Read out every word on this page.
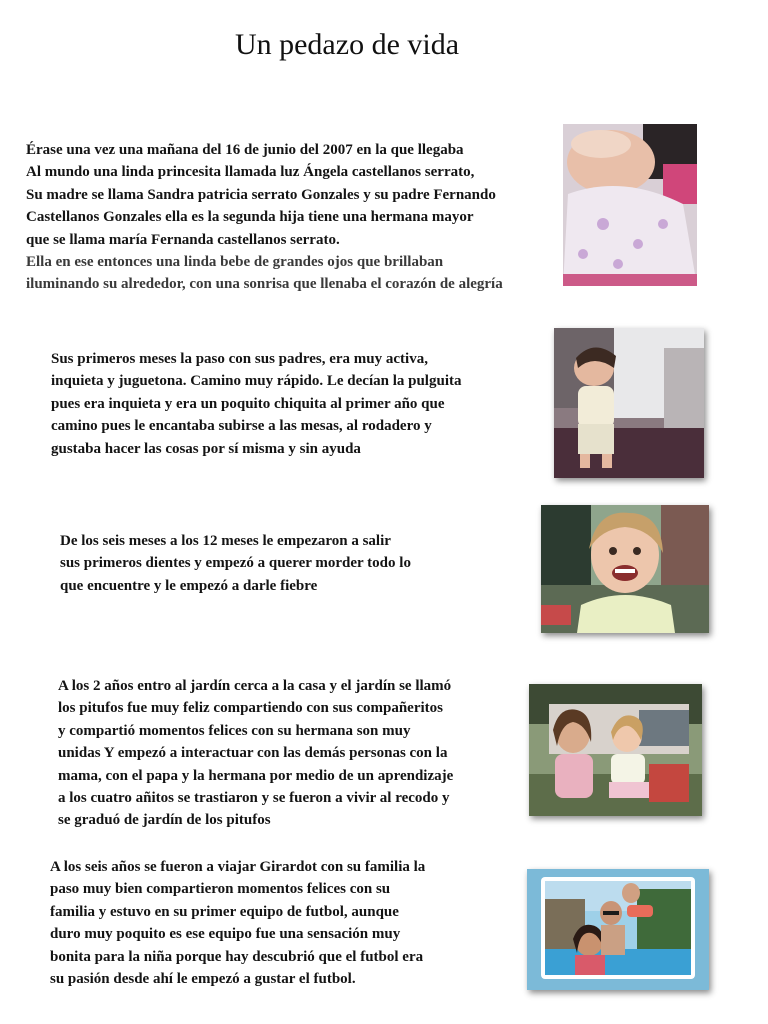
Un pedazo de vida

Érase una vez una mañana del 16 de junio del 2007 en la que llegaba
Al mundo una linda princesita llamada luz Ángela castellanos serrato,
Su madre se llama Sandra patricia serrato Gonzales y su padre Fernando
Castellanos Gonzales ella es la segunda hija tiene una hermana mayor
que se llama maría Fernanda castellanos serrato.
Ella en ese entonces una linda bebe de grandes ojos que brillaban
iluminando su alrededor, con una sonrisa que llenaba el corazón de alegría

Sus primeros meses la paso con sus padres, era muy activa,
inquieta y juguetona. Camino muy rápido. Le decían la pulguita
pues era inquieta y era un poquito chiquita al primer año que
camino pues le encantaba subirse a las mesas, al rodadero y
gustaba hacer las cosas por sí misma y sin ayuda

De los seis meses a los 12 meses le empezaron a salir
sus primeros dientes y empezó a querer morder todo lo
que encuentre y le empezó a darle fiebre

A los 2 años entro al jardín cerca a la casa y el jardín se llamó
los pitufos fue muy feliz compartiendo con sus compañeritos
y compartió momentos felices con su hermana son muy
unidas Y empezó a interactuar con las demás personas con la
mama, con el papa y la hermana por medio de un aprendizaje
a los cuatro añitos se trastiaron y se fueron a vivir al recodo y
se graduó de jardín de los pitufos

A los seis años se fueron a viajar Girardot con su familia la
paso muy bien compartieron momentos felices con su
familia y estuvo en su primer equipo de futbol, aunque
duro muy poquito es ese equipo fue una sensación muy
bonita para la niña porque hay descubrió que el futbol era
su pasión desde ahí le empezó a gustar el futbol.
